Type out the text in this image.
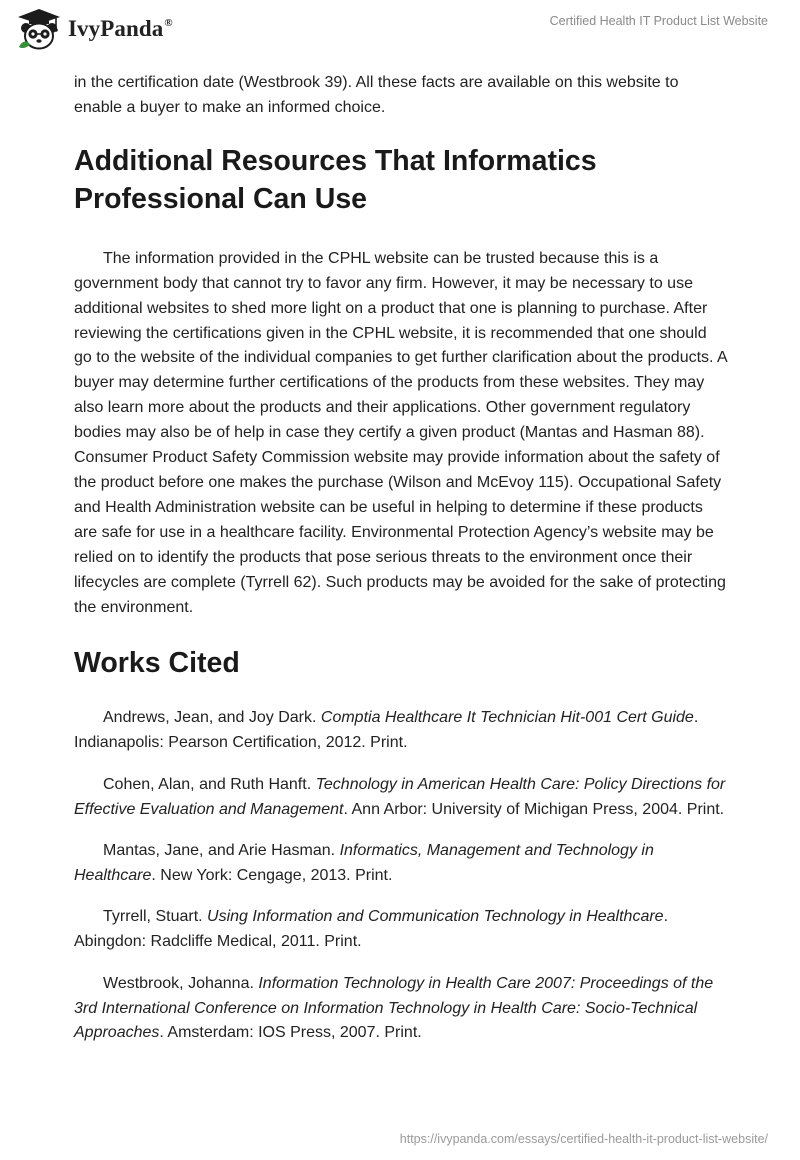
IvyPanda®	Certified Health IT Product List Website

in the certification date (Westbrook 39). All these facts are available on this website to enable a buyer to make an informed choice.

Additional Resources That Informatics Professional Can Use

The information provided in the CPHL website can be trusted because this is a government body that cannot try to favor any firm. However, it may be necessary to use additional websites to shed more light on a product that one is planning to purchase. After reviewing the certifications given in the CPHL website, it is recommended that one should go to the website of the individual companies to get further clarification about the products. A buyer may determine further certifications of the products from these websites. They may also learn more about the products and their applications. Other government regulatory bodies may also be of help in case they certify a given product (Mantas and Hasman 88). Consumer Product Safety Commission website may provide information about the safety of the product before one makes the purchase (Wilson and McEvoy 115). Occupational Safety and Health Administration website can be useful in helping to determine if these products are safe for use in a healthcare facility. Environmental Protection Agency’s website may be relied on to identify the products that pose serious threats to the environment once their lifecycles are complete (Tyrrell 62). Such products may be avoided for the sake of protecting the environment.

Works Cited

Andrews, Jean, and Joy Dark. Comptia Healthcare It Technician Hit-001 Cert Guide. Indianapolis: Pearson Certification, 2012. Print.

Cohen, Alan, and Ruth Hanft. Technology in American Health Care: Policy Directions for Effective Evaluation and Management. Ann Arbor: University of Michigan Press, 2004. Print.

Mantas, Jane, and Arie Hasman. Informatics, Management and Technology in Healthcare. New York: Cengage, 2013. Print.

Tyrrell, Stuart. Using Information and Communication Technology in Healthcare. Abingdon: Radcliffe Medical, 2011. Print.

Westbrook, Johanna. Information Technology in Health Care 2007: Proceedings of the 3rd International Conference on Information Technology in Health Care: Socio-Technical Approaches. Amsterdam: IOS Press, 2007. Print.

https://ivypanda.com/essays/certified-health-it-product-list-website/
